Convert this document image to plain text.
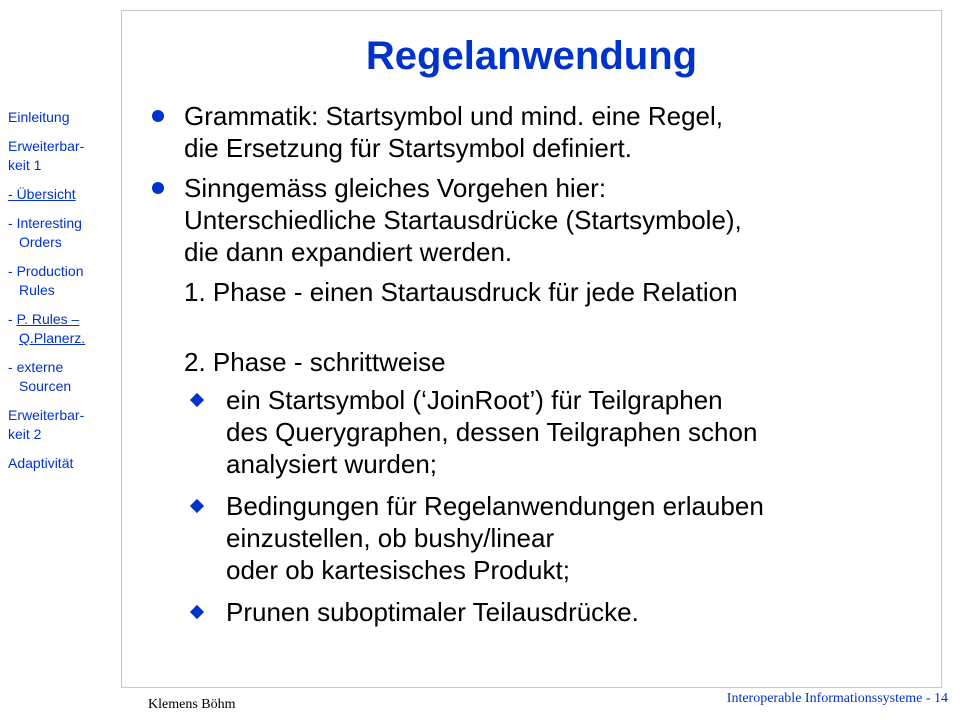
Regelanwendung
Einleitung
Erweiterbar-
keit 1
- Übersicht
- Interesting
Orders
- Production
Rules
- P. Rules –
Q.Planerz.
- externe
Sourcen
Erweiterbar-
keit 2
Adaptivität
Grammatik: Startsymbol und mind. eine Regel,
die Ersetzung für Startsymbol definiert.
Sinngemäss gleiches Vorgehen hier:
Unterschiedliche Startausdrücke (Startsymbole),
die dann expandiert werden.
1. Phase - einen Startausdruck für jede Relation
2. Phase - schrittweise
ein Startsymbol (‘JoinRoot’) für Teilgraphen
des Querygraphen, dessen Teilgraphen schon
analysiert wurden;
Bedingungen für Regelanwendungen erlauben
einzustellen, ob bushy/linear
oder ob kartesisches Produkt;
Prunen suboptimaler Teilausdrücke.
Klemens Böhm	Interoperable Informationssysteme - 14
